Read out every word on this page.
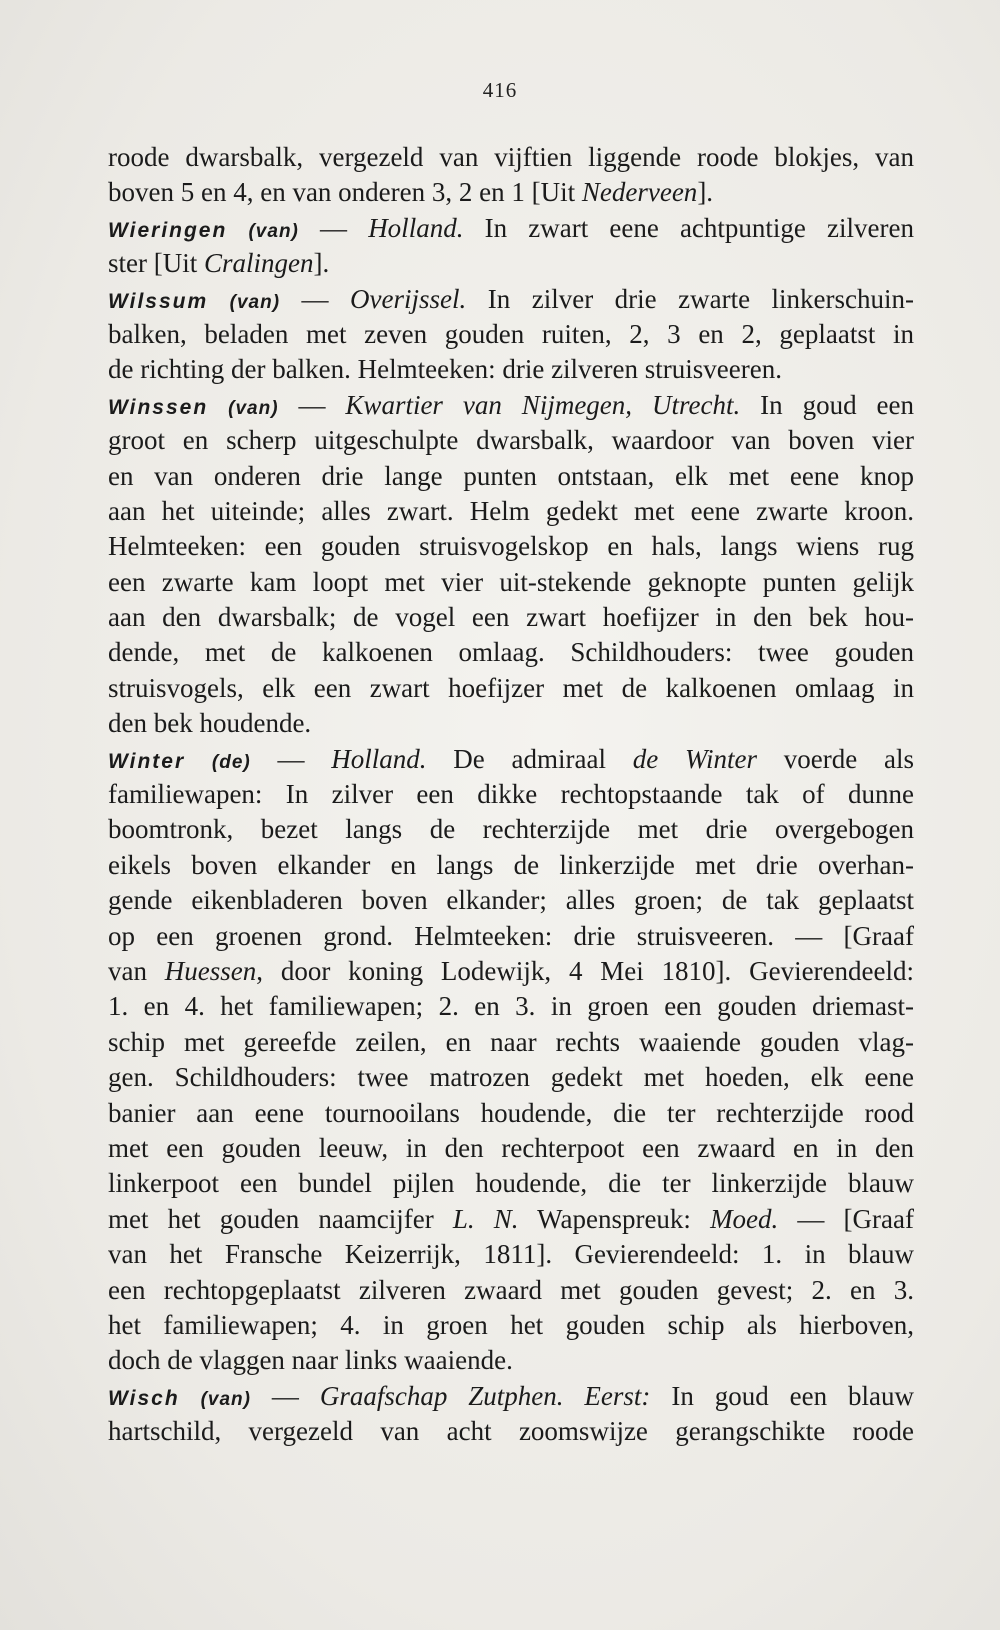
416
roode dwarsbalk, vergezeld van vijftien liggende roode blokjes, van
boven 5 en 4, en van onderen 3, 2 en 1 [Uit Nederveen].
Wieringen (van) — Holland. In zwart eene achtpuntige zilveren
ster [Uit Cralingen].
Wilssum (van) — Overijssel. In zilver drie zwarte linkerschuin-
balken, beladen met zeven gouden ruiten, 2, 3 en 2, geplaatst in
de richting der balken. Helmteeken: drie zilveren struisveeren.
Winssen (van) — Kwartier van Nijmegen, Utrecht. In goud een
groot en scherp uitgeschulpte dwarsbalk, waardoor van boven vier
en van onderen drie lange punten ontstaan, elk met eene knop
aan het uiteinde; alles zwart. Helm gedekt met eene zwarte kroon.
Helmteeken: een gouden struisvogelskop en hals, langs wiens rug
een zwarte kam loopt met vier uit-stekende geknopte punten gelijk
aan den dwarsbalk; de vogel een zwart hoefijzer in den bek hou-
dende, met de kalkoenen omlaag. Schildhouders: twee gouden
struisvogels, elk een zwart hoefijzer met de kalkoenen omlaag in
den bek houdende.
Winter (de) — Holland. De admiraal de Winter voerde als
familiewapen: In zilver een dikke rechtopstaande tak of dunne
boomtronk, bezet langs de rechterzijde met drie overgebogen
eikels boven elkander en langs de linkerzijde met drie overhan-
gende eikenbladeren boven elkander; alles groen; de tak geplaatst
op een groenen grond. Helmteeken: drie struisveeren. — [Graaf
van Huessen, door koning Lodewijk, 4 Mei 1810]. Gevierendeeld:
1. en 4. het familiewapen; 2. en 3. in groen een gouden driemast-
schip met gereefde zeilen, en naar rechts waaiende gouden vlag-
gen. Schildhouders: twee matrozen gedekt met hoeden, elk eene
banier aan eene tournooilans houdende, die ter rechterzijde rood
met een gouden leeuw, in den rechterpoot een zwaard en in den
linkerpoot een bundel pijlen houdende, die ter linkerzijde blauw
met het gouden naamcijfer L. N. Wapenspreuk: Moed. — [Graaf
van het Fransche Keizerrijk, 1811]. Gevierendeeld: 1. in blauw
een rechtopgeplaatst zilveren zwaard met gouden gevest; 2. en 3.
het familiewapen; 4. in groen het gouden schip als hierboven,
doch de vlaggen naar links waaiende.
Wisch (van) — Graafschap Zutphen. Eerst: In goud een blauw
hartschild, vergezeld van acht zoomswijze gerangschikte roode
